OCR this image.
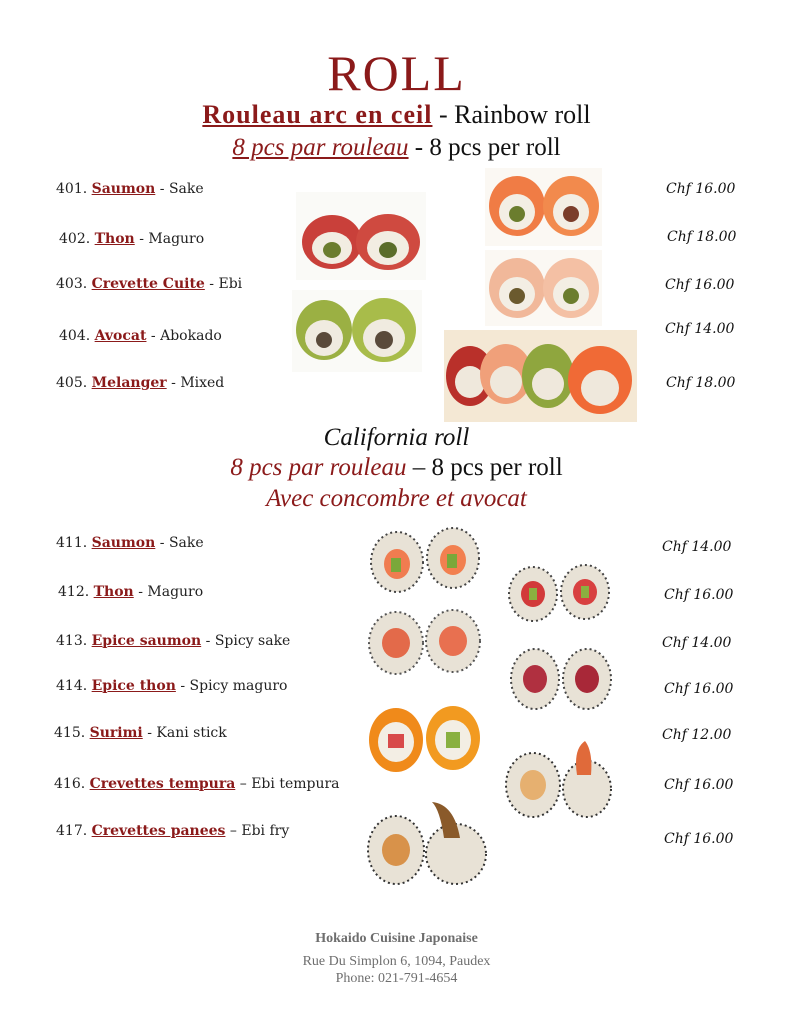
ROLL
Rouleau arc en ceil - Rainbow roll
8 pcs par rouleau - 8 pcs per roll
401. Saumon - Sake
402. Thon - Maguro
403. Crevette Cuite - Ebi
404. Avocat - Abokado
405. Melanger - Mixed
Chf 16.00
Chf 18.00
Chf 16.00
Chf 14.00
Chf 18.00
California roll
8 pcs par rouleau – 8 pcs per roll
Avec concombre et avocat
411. Saumon - Sake
412. Thon - Maguro
413. Epice saumon - Spicy sake
414. Epice thon - Spicy maguro
415. Surimi - Kani stick
416. Crevettes tempura – Ebi tempura
417. Crevettes panees – Ebi fry
Chf 14.00
Chf 16.00
Chf 14.00
Chf 16.00
Chf 12.00
Chf 16.00
Chf 16.00
Hokaido Cuisine Japonaise
Rue Du Simplon 6, 1094, Paudex
Phone: 021-791-4654
